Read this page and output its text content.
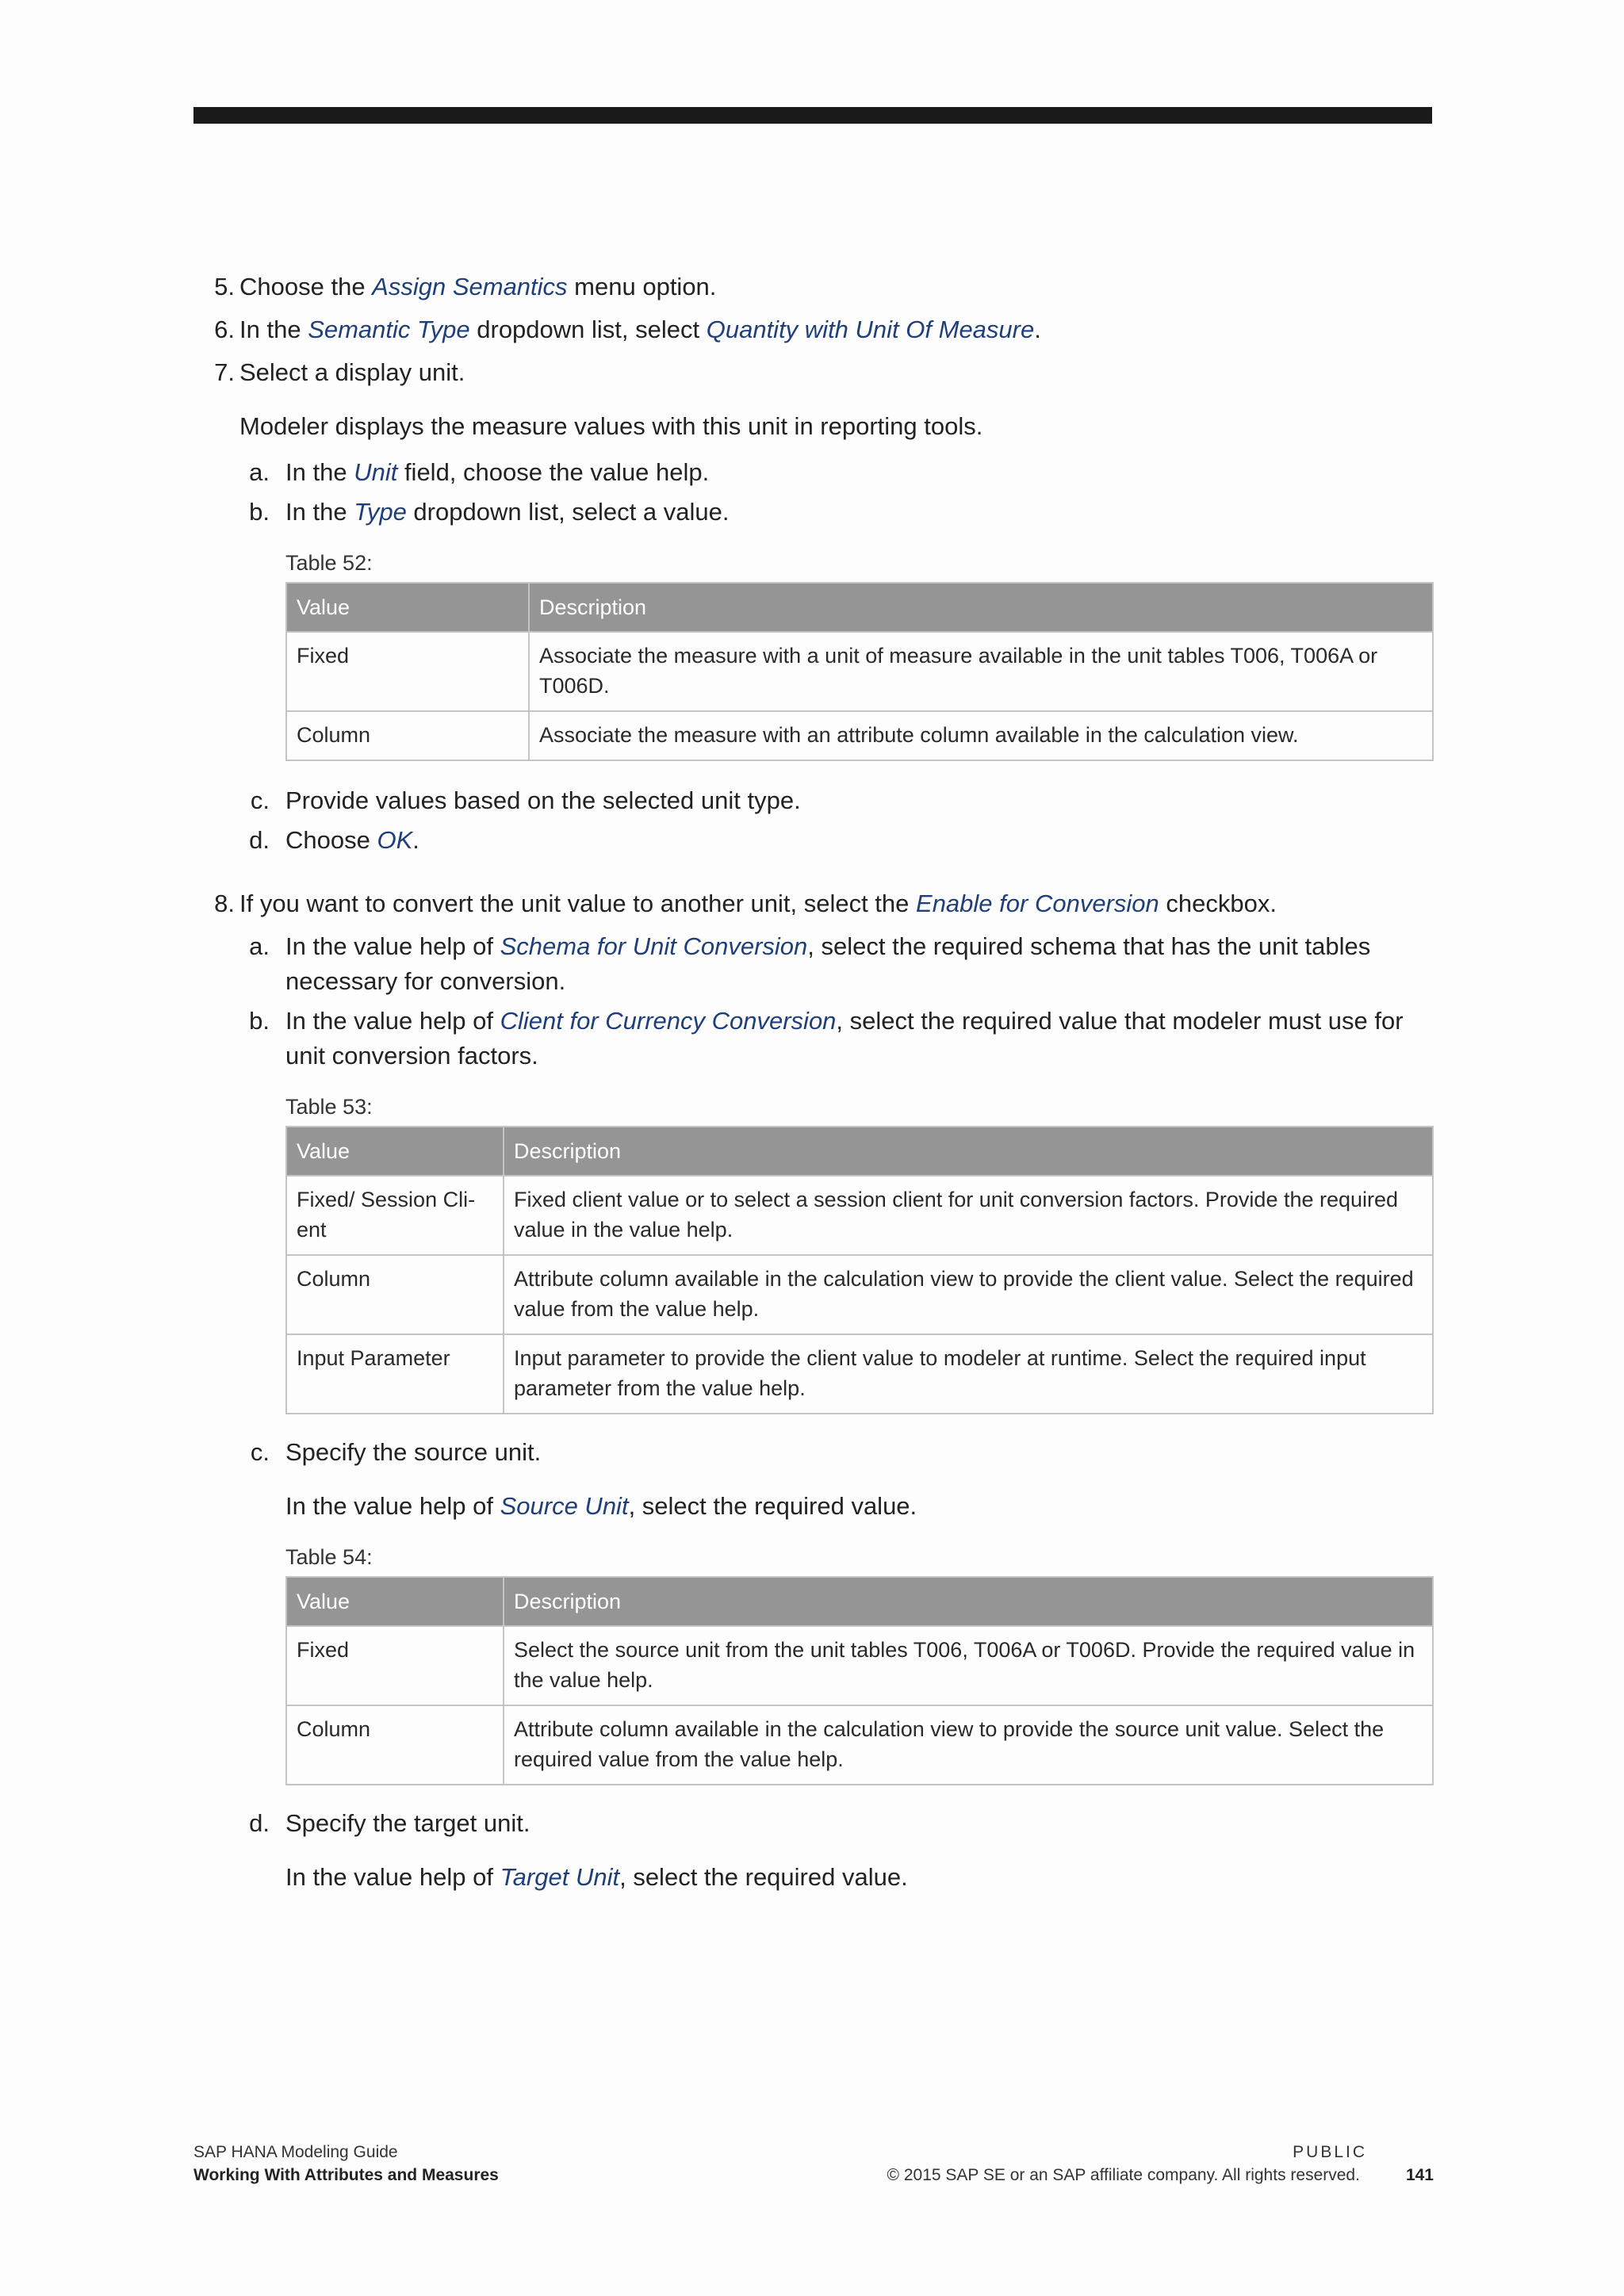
5. Choose the Assign Semantics menu option.
6. In the Semantic Type dropdown list, select Quantity with Unit Of Measure.
7. Select a display unit.
Modeler displays the measure values with this unit in reporting tools.
a. In the Unit field, choose the value help.
b. In the Type dropdown list, select a value.
Table 52:
Value	Description
Fixed	Associate the measure with a unit of measure available in the unit tables T006, T006A or T006D.
Column	Associate the measure with an attribute column available in the calculation view.
c. Provide values based on the selected unit type.
d. Choose OK.
8. If you want to convert the unit value to another unit, select the Enable for Conversion checkbox.
a. In the value help of Schema for Unit Conversion, select the required schema that has the unit tables necessary for conversion.
b. In the value help of Client for Currency Conversion, select the required value that modeler must use for unit conversion factors.
Table 53:
Value	Description
Fixed/ Session Client	Fixed client value or to select a session client for unit conversion factors. Provide the required value in the value help.
Column	Attribute column available in the calculation view to provide the client value. Select the required value from the value help.
Input Parameter	Input parameter to provide the client value to modeler at runtime. Select the required input parameter from the value help.
c. Specify the source unit.
In the value help of Source Unit, select the required value.
Table 54:
Value	Description
Fixed	Select the source unit from the unit tables T006, T006A or T006D. Provide the required value in the value help.
Column	Attribute column available in the calculation view to provide the source unit value. Select the required value from the value help.
d. Specify the target unit.
In the value help of Target Unit, select the required value.
SAP HANA Modeling Guide
Working With Attributes and Measures
PUBLIC
© 2015 SAP SE or an SAP affiliate company. All rights reserved.	141
